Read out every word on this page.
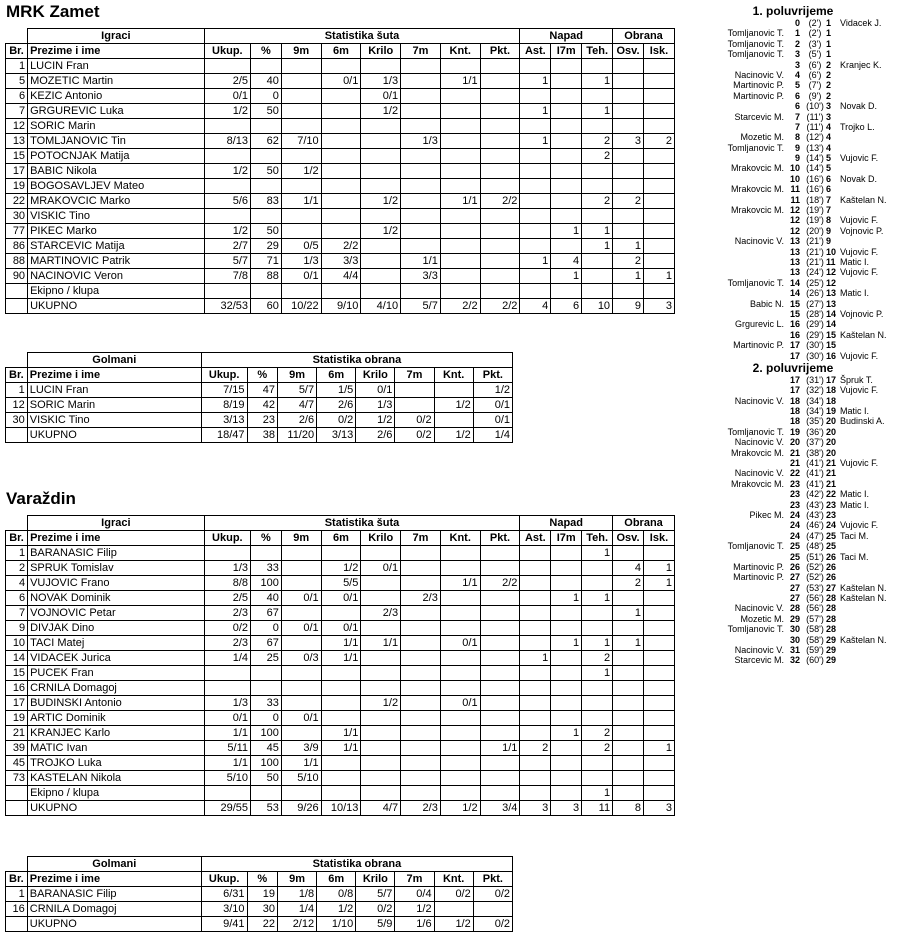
MRK Zamet
	Igraci	Statistika šuta								Napad			Obrana	
Br.	Prezime i ime	Ukup.	%	9m	6m	Krilo	7m	Knt.	Pkt.	Ast.	I7m	Teh.	Osv.	Isk.
1	LUCIN Fran													
5	MOZETIC Martin	2/5	40		0/1	1/3		1/1		1		1		
6	KEZIC Antonio	0/1	0			0/1								
7	GRGUREVIC Luka	1/2	50			1/2				1		1		
12	SORIC Marin													
13	TOMLJANOVIC Tin	8/13	62	7/10			1/3			1		2	3	2
15	POTOCNJAK Matija											2		
17	BABIC Nikola	1/2	50	1/2										
19	BOGOSAVLJEV Mateo													
22	MRAKOVCIC Marko	5/6	83	1/1		1/2		1/1	2/2			2	2	
30	VISKIC Tino													
77	PIKEC Marko	1/2	50			1/2					1	1		
86	STARCEVIC Matija	2/7	29	0/5	2/2							1	1	
88	MARTINOVIC Patrik	5/7	71	1/3	3/3		1/1			1	4		2	
90	NACINOVIC Veron	7/8	88	0/1	4/4		3/3				1		1	1
	Ekipno / klupa													
	UKUPNO	32/53	60	10/22	9/10	4/10	5/7	2/2	2/2	4	6	10	9	3
	Golmani	Statistika obrana							
Br.	Prezime i ime	Ukup.	%	9m	6m	Krilo	7m	Knt.	Pkt.
1	LUCIN Fran	7/15	47	5/7	1/5	0/1			1/2
12	SORIC Marin	8/19	42	4/7	2/6	1/3		1/2	0/1
30	VISKIC Tino	3/13	23	2/6	0/2	1/2	0/2		0/1
	UKUPNO	18/47	38	11/20	3/13	2/6	0/2	1/2	1/4
Varaždin
	Igraci	Statistika šuta								Napad			Obrana	
Br.	Prezime i ime	Ukup.	%	9m	6m	Krilo	7m	Knt.	Pkt.	Ast.	I7m	Teh.	Osv.	Isk.
1	BARANASIC Filip											1		
2	SPRUK Tomislav	1/3	33		1/2	0/1							4	1
4	VUJOVIC Frano	8/8	100		5/5			1/1	2/2				2	1
6	NOVAK Dominik	2/5	40	0/1	0/1		2/3				1	1		
7	VOJNOVIC Petar	2/3	67			2/3							1	
9	DIVJAK Dino	0/2	0	0/1	0/1									
10	TACI Matej	2/3	67		1/1	1/1		0/1			1	1	1	
14	VIDACEK Jurica	1/4	25	0/3	1/1					1		2		
15	PUCEK Fran											1		
16	CRNILA Domagoj													
17	BUDINSKI Antonio	1/3	33			1/2		0/1						
19	ARTIC Dominik	0/1	0	0/1										
21	KRANJEC Karlo	1/1	100		1/1						1	2		
39	MATIC Ivan	5/11	45	3/9	1/1				1/1	2		2		1
45	TROJKO Luka	1/1	100	1/1										
73	KASTELAN Nikola	5/10	50	5/10										
	Ekipno / klupa											1		
	UKUPNO	29/55	53	9/26	10/13	4/7	2/3	1/2	3/4	3	3	11	8	3
	Golmani	Statistika obrana							
Br.	Prezime i ime	Ukup.	%	9m	6m	Krilo	7m	Knt.	Pkt.
1	BARANASIC Filip	6/31	19	1/8	0/8	5/7	0/4	0/2	0/2
16	CRNILA Domagoj	3/10	30	1/4	1/2	0/2	1/2		
	UKUPNO	9/41	22	2/12	1/10	5/9	1/6	1/2	0/2
1. poluvrijeme
0 (2') 1 Vidacek J.
Tomljanovic T.	1 (2') 1
Tomljanovic T.	2 (3') 1
Tomljanovic T.	3 (5') 1
3 (6') 2 Kranjec K.
Nacinovic V.	4 (6') 2
Martinovic P.	5 (7') 2
Martinovic P.	6 (9') 2
6 (10') 3 Novak D.
Starcevic M.	7 (11') 3
7 (11') 4 Trojko L.
Mozetic M.	8 (12') 4
Tomljanovic T.	9 (13') 4
9 (14') 5 Vujovic F.
Mrakovcic M. 10 (14') 5
10 (16') 6 Novak D.
Mrakovcic M. 11 (16') 6
11 (18') 7 Kaštelan N.
Mrakovcic M. 12 (19') 7
12 (19') 8 Vujovic F.
12 (20') 9 Vojnovic P.
Nacinovic V. 13 (21') 9
13 (21') 10 Vujovic F.
13 (21') 11 Matic I.
13 (24') 12 Vujovic F.
Tomljanovic T. 14 (25') 12
14 (26') 13 Matic I.
Babic N. 15 (27') 13
15 (28') 14 Vojnovic P.
Grgurevic L. 16 (29') 14
16 (29') 15 Kaštelan N.
Martinovic P. 17 (30') 15
17 (30') 16 Vujovic F.
2. poluvrijeme
17 (31') 17 Špruk T.
17 (32') 18 Vujovic F.
Nacinovic V. 18 (34') 18
18 (34') 19 Matic I.
18 (35') 20 Budinski A.
Tomljanovic T. 19 (36') 20
Nacinovic V. 20 (37') 20
Mrakovcic M. 21 (38') 20
21 (41') 21 Vujovic F.
Nacinovic V. 22 (41') 21
Mrakovcic M. 23 (41') 21
23 (42') 22 Matic I.
23 (43') 23 Matic I.
Pikec M. 24 (43') 23
24 (46') 24 Vujovic F.
24 (47') 25 Taci M.
Tomljanovic T. 25 (48') 25
25 (51') 26 Taci M.
Martinovic P. 26 (52') 26
Martinovic P. 27 (52') 26
27 (53') 27 Kaštelan N.
27 (56') 28 Kaštelan N.
Nacinovic V. 28 (56') 28
Mozetic M. 29 (57') 28
Tomljanovic T. 30 (58') 28
30 (58') 29 Kaštelan N.
Nacinovic V. 31 (59') 29
Starcevic M. 32 (60') 29
